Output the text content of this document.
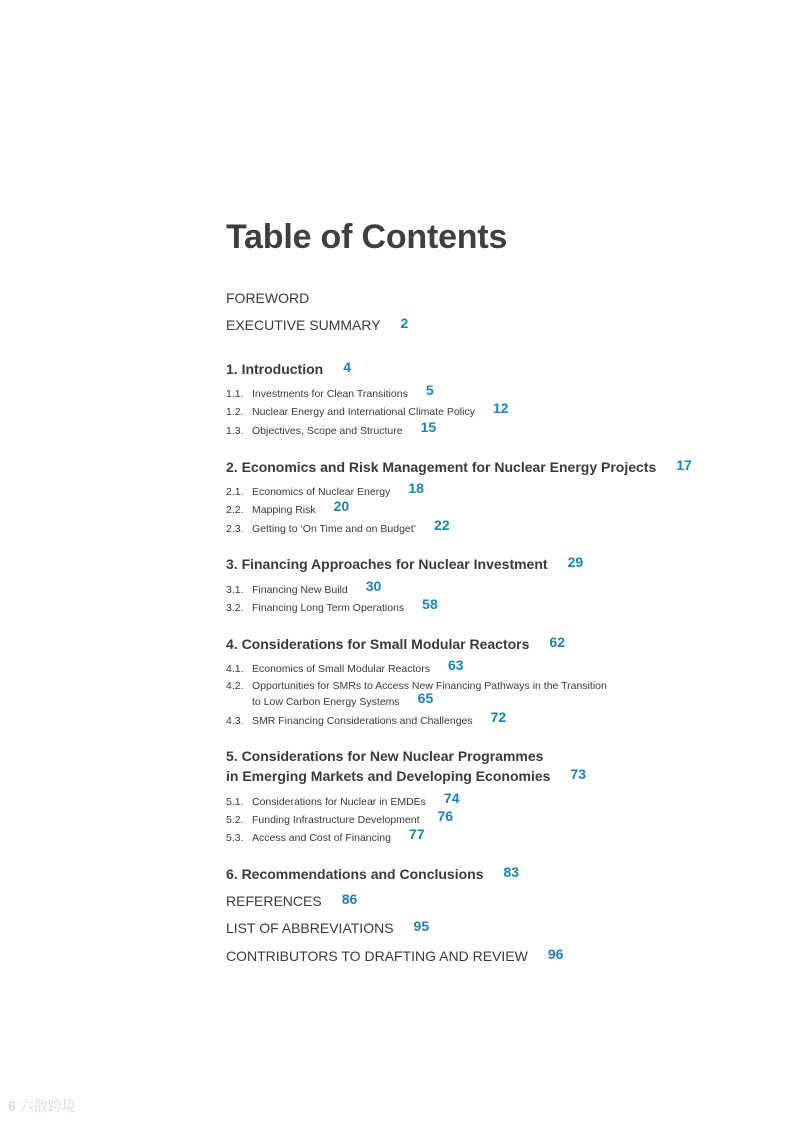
Table of Contents
FOREWORD
EXECUTIVE SUMMARY 2
1. Introduction 4
1.1. Investments for Clean Transitions 5
1.2. Nuclear Energy and International Climate Policy 12
1.3. Objectives, Scope and Structure 15
2. Economics and Risk Management for Nuclear Energy Projects 17
2.1. Economics of Nuclear Energy 18
2.2. Mapping Risk 20
2.3. Getting to ‘On Time and on Budget’ 22
3. Financing Approaches for Nuclear Investment 29
3.1. Financing New Build 30
3.2. Financing Long Term Operations 58
4. Considerations for Small Modular Reactors 62
4.1. Economics of Small Modular Reactors 63
4.2. Opportunities for SMRs to Access New Financing Pathways in the Transition
to Low Carbon Energy Systems 65
4.3. SMR Financing Considerations and Challenges 72
5. Considerations for New Nuclear Programmes
in Emerging Markets and Developing Economies 73
5.1. Considerations for Nuclear in EMDEs 74
5.2. Funding Infrastructure Development 76
5.3. Access and Cost of Financing 77
6. Recommendations and Conclusions 83
REFERENCES 86
LIST OF ABBREVIATIONS 95
CONTRIBUTORS TO DRAFTING AND REVIEW 96
6 六散跨境
